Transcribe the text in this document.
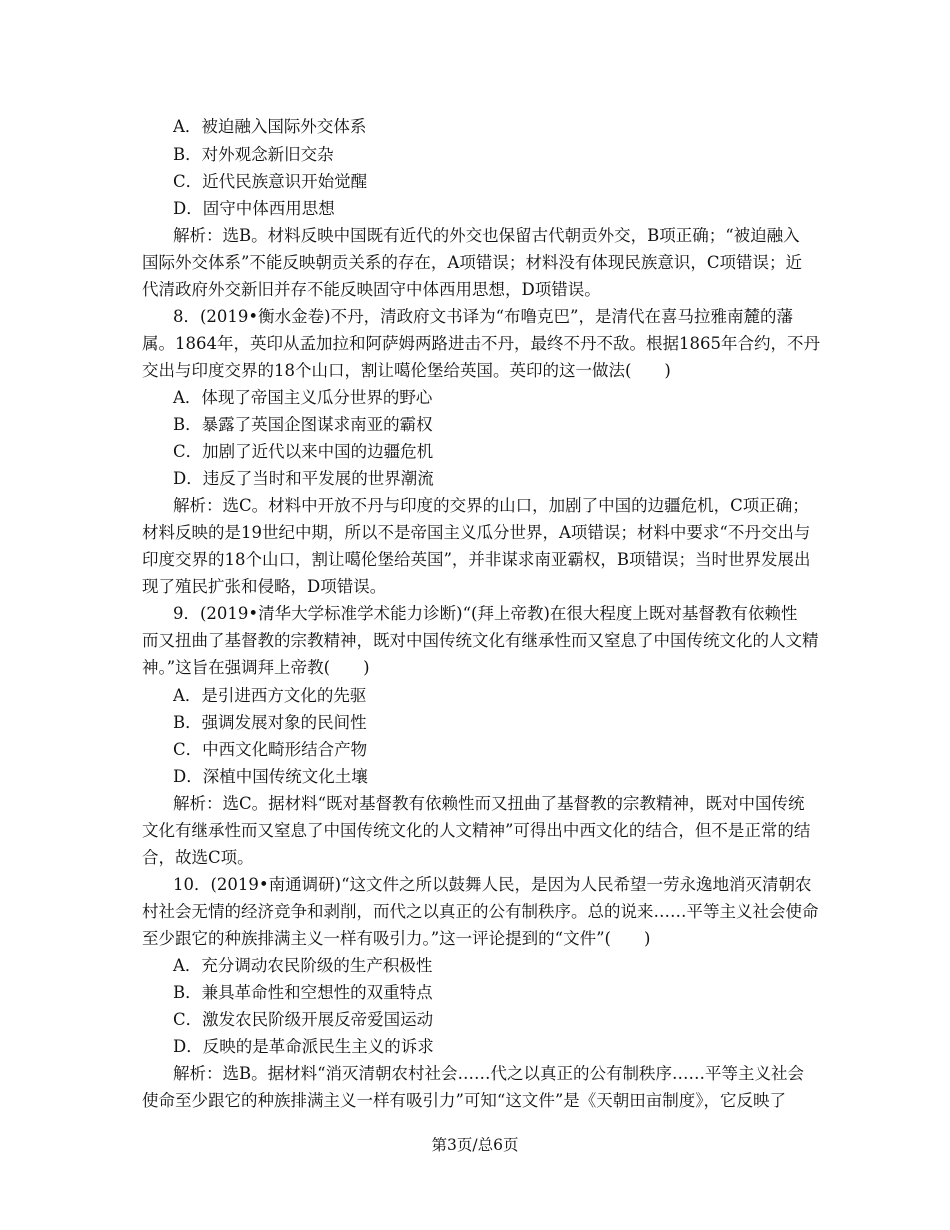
A．被迫融入国际外交体系
B．对外观念新旧交杂
C．近代民族意识开始觉醒
D．固守中体西用思想
解析：选B。材料反映中国既有近代的外交也保留古代朝贡外交，B项正确；“被迫融入
国际外交体系”不能反映朝贡关系的存在，A项错误；材料没有体现民族意识，C项错误；近
代清政府外交新旧并存不能反映固守中体西用思想，D项错误。
8．(2019•衡水金卷)不丹，清政府文书译为“布噜克巴”，是清代在喜马拉雅南麓的藩
属。1864年，英印从孟加拉和阿萨姆两路进击不丹，最终不丹不敌。根据1865年合约，不丹
交出与印度交界的18个山口，割让噶伦堡给英国。英印的这一做法(　　)
A．体现了帝国主义瓜分世界的野心
B．暴露了英国企图谋求南亚的霸权
C．加剧了近代以来中国的边疆危机
D．违反了当时和平发展的世界潮流
解析：选C。材料中开放不丹与印度的交界的山口，加剧了中国的边疆危机，C项正确；
材料反映的是19世纪中期，所以不是帝国主义瓜分世界，A项错误；材料中要求“不丹交出与
印度交界的18个山口，割让噶伦堡给英国”，并非谋求南亚霸权，B项错误；当时世界发展出
现了殖民扩张和侵略，D项错误。
9．(2019•清华大学标准学术能力诊断)“(拜上帝教)在很大程度上既对基督教有依赖性
而又扭曲了基督教的宗教精神，既对中国传统文化有继承性而又窒息了中国传统文化的人文精
神。”这旨在强调拜上帝教(　　)
A．是引进西方文化的先驱
B．强调发展对象的民间性
C．中西文化畸形结合产物
D．深植中国传统文化土壤
解析：选C。据材料“既对基督教有依赖性而又扭曲了基督教的宗教精神，既对中国传统
文化有继承性而又窒息了中国传统文化的人文精神”可得出中西文化的结合，但不是正常的结
合，故选C项。
10．(2019•南通调研)“这文件之所以鼓舞人民，是因为人民希望一劳永逸地消灭清朝农
村社会无情的经济竞争和剥削，而代之以真正的公有制秩序。总的说来……平等主义社会使命
至少跟它的种族排满主义一样有吸引力。”这一评论提到的“文件”(　　)
A．充分调动农民阶级的生产积极性
B．兼具革命性和空想性的双重特点
C．激发农民阶级开展反帝爱国运动
D．反映的是革命派民生主义的诉求
解析：选B。据材料“消灭清朝农村社会……代之以真正的公有制秩序……平等主义社会
使命至少跟它的种族排满主义一样有吸引力”可知“这文件”是《天朝田亩制度》，它反映了
第3页/总6页
